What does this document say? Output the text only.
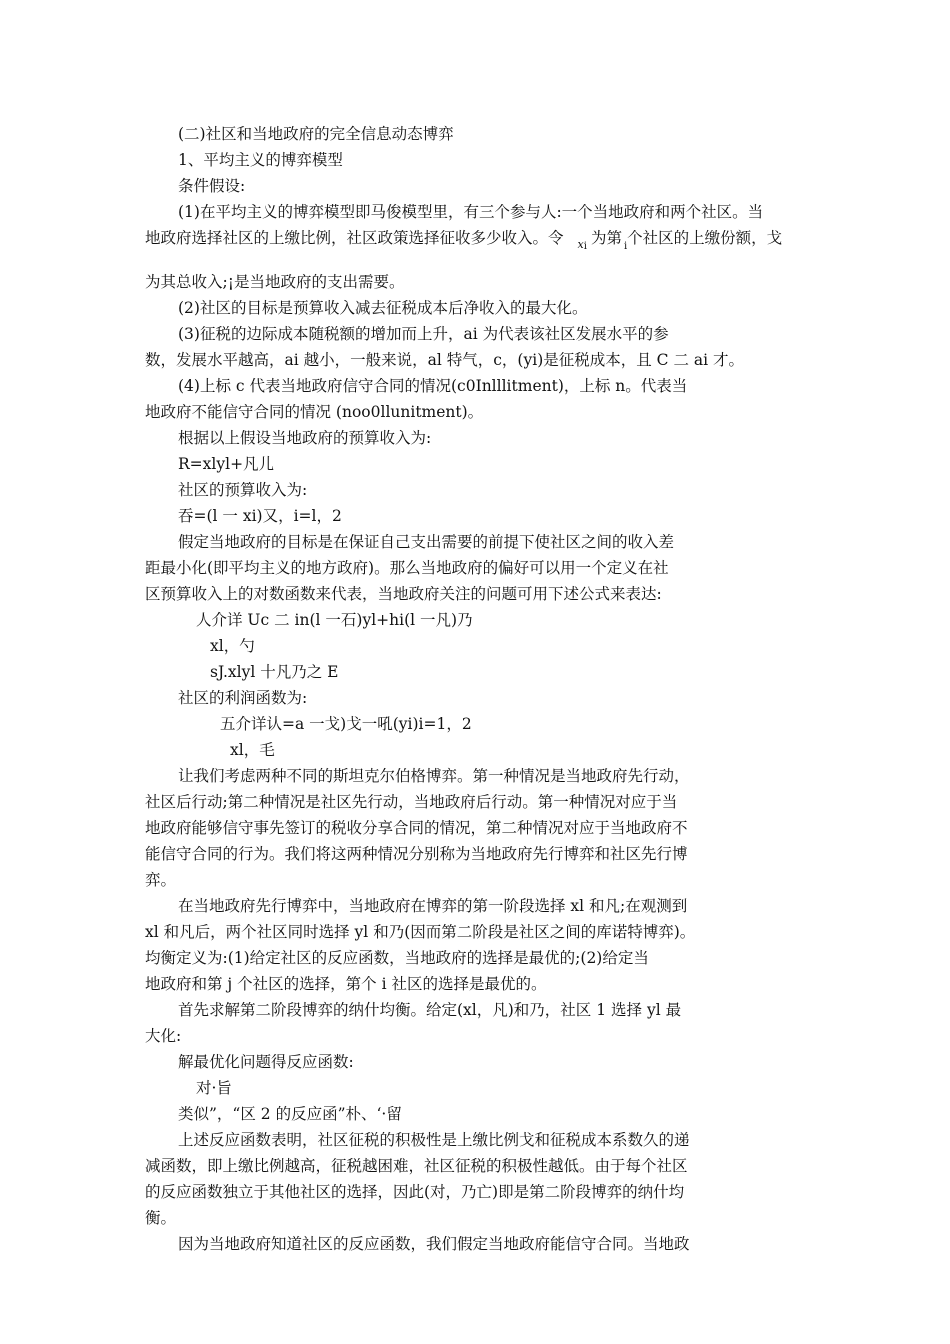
(二)社区和当地政府的完全信息动态博弈
1、平均主义的博弈模型
条件假设:
(1)在平均主义的博弈模型即马俊模型里，有三个参与人:一个当地政府和两个社区。当
地政府选择社区的上缴比例，社区政策选择征收多少收入。令 $_{xi}$ 为第 $_i$个社区的上缴份额，戈
为其总收入;¡是当地政府的支出需要。
(2)社区的目标是预算收入减去征税成本后净收入的最大化。
(3)征税的边际成本随税额的增加而上升，ai 为代表该社区发展水平的参
数，发展水平越高，ai 越小，一般来说，al 特气，c，(yi)是征税成本，且 C 二 ai 才。
(4)上标 c 代表当地政府信守合同的情况(c0Inlllitment)，上标 n。代表当
地政府不能信守合同的情况 (noo0llunitment)。
根据以上假设当地政府的预算收入为:
R=xlyl+凡儿
社区的预算收入为:
吞=(l 一 xi)又，i=l，2
假定当地政府的目标是在保证自己支出需要的前提下使社区之间的收入差
距最小化(即平均主义的地方政府)。那么当地政府的偏好可以用一个定义在社
区预算收入上的对数函数来代表，当地政府关注的问题可用下述公式来表达:
人介详 Uc 二 in(l 一石)yl+hi(l 一凡)乃
xl，勺
sJ.xlyl 十凡乃之 E
社区的利润函数为:
五介详认=a 一戈)戈一吼(yi)i=1，2
xl，毛
让我们考虑两种不同的斯坦克尔伯格博弈。第一种情况是当地政府先行动，
社区后行动;第二种情况是社区先行动，当地政府后行动。第一种情况对应于当
地政府能够信守事先签订的税收分享合同的情况，第二种情况对应于当地政府不
能信守合同的行为。我们将这两种情况分别称为当地政府先行博弈和社区先行博
弈。
在当地政府先行博弈中，当地政府在博弈的第一阶段选择 xl 和凡;在观测到
xl 和凡后，两个社区同时选择 yl 和乃(因而第二阶段是社区之间的库诺特博弈)。
均衡定义为:(1)给定社区的反应函数，当地政府的选择是最优的;(2)给定当
地政府和第 j 个社区的选择，第个 i 社区的选择是最优的。
首先求解第二阶段博弈的纳什均衡。给定(xl，凡)和乃，社区 1 选择 yl 最
大化:
解最优化问题得反应函数:
对·旨
类似”，“区 2 的反应函”朴、‘·留
上述反应函数表明，社区征税的积极性是上缴比例戈和征税成本系数久的递
减函数，即上缴比例越高，征税越困难，社区征税的积极性越低。由于每个社区
的反应函数独立于其他社区的选择，因此(对，乃亡)即是第二阶段博弈的纳什均
衡。
因为当地政府知道社区的反应函数，我们假定当地政府能信守合同。当地政
